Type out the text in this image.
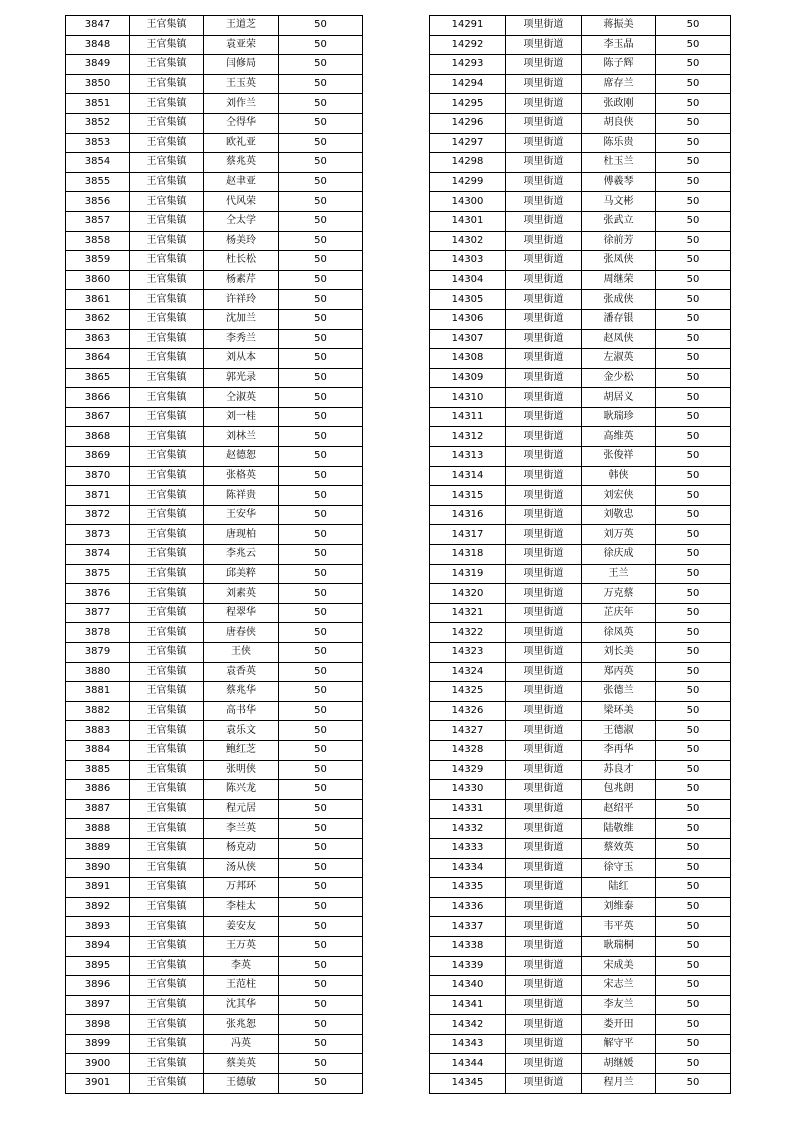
3847	王官集镇	王道芝	50
3848	王官集镇	袁亚荣	50
3849	王官集镇	闫修局	50
3850	王官集镇	王玉英	50
3851	王官集镇	刘作兰	50
3852	王官集镇	仝得华	50
3853	王官集镇	欧礼亚	50
3854	王官集镇	蔡兆英	50
3855	王官集镇	赵聿亚	50
3856	王官集镇	代风荣	50
3857	王官集镇	仝太学	50
3858	王官集镇	杨美玲	50
3859	王官集镇	杜长松	50
3860	王官集镇	杨素芹	50
3861	王官集镇	许祥玲	50
3862	王官集镇	沈加兰	50
3863	王官集镇	李秀兰	50
3864	王官集镇	刘从本	50
3865	王官集镇	郭光录	50
3866	王官集镇	仝淑英	50
3867	王官集镇	刘一桂	50
3868	王官集镇	刘林兰	50
3869	王官集镇	赵德恕	50
3870	王官集镇	张格英	50
3871	王官集镇	陈祥贵	50
3872	王官集镇	王安华	50
3873	王官集镇	唐现柏	50
3874	王官集镇	李兆云	50
3875	王官集镇	邱美粹	50
3876	王官集镇	刘素英	50
3877	王官集镇	程翠华	50
3878	王官集镇	唐春侠	50
3879	王官集镇	王侠	50
3880	王官集镇	袁香英	50
3881	王官集镇	蔡兆华	50
3882	王官集镇	高书华	50
3883	王官集镇	袁乐文	50
3884	王官集镇	鲍红芝	50
3885	王官集镇	张明侠	50
3886	王官集镇	陈兴龙	50
3887	王官集镇	程元居	50
3888	王官集镇	李兰英	50
3889	王官集镇	杨克动	50
3890	王官集镇	汤从侠	50
3891	王官集镇	万邦环	50
3892	王官集镇	李桂太	50
3893	王官集镇	姜安友	50
3894	王官集镇	王万英	50
3895	王官集镇	李英	50
3896	王官集镇	王范柱	50
3897	王官集镇	沈其华	50
3898	王官集镇	张兆恕	50
3899	王官集镇	冯英	50
3900	王官集镇	蔡美英	50
3901	王官集镇	王德敏	50
14291	项里街道	蒋振美	50
14292	项里街道	李玉晶	50
14293	项里街道	陈子辉	50
14294	项里街道	席存兰	50
14295	项里街道	张政刚	50
14296	项里街道	胡良侠	50
14297	项里街道	陈乐贵	50
14298	项里街道	杜玉兰	50
14299	项里街道	傅羲琴	50
14300	项里街道	马文彬	50
14301	项里街道	张武立	50
14302	项里街道	徐前芳	50
14303	项里街道	张凤侠	50
14304	项里街道	周继荣	50
14305	项里街道	张成侠	50
14306	项里街道	潘存银	50
14307	项里街道	赵凤侠	50
14308	项里街道	左淑英	50
14309	项里街道	金少松	50
14310	项里街道	胡居义	50
14311	项里街道	耿瑞珍	50
14312	项里街道	高维英	50
14313	项里街道	张俊祥	50
14314	项里街道	韩侠	50
14315	项里街道	刘宏侠	50
14316	项里街道	刘敬忠	50
14317	项里街道	刘万英	50
14318	项里街道	徐庆成	50
14319	项里街道	王兰	50
14320	项里街道	万克蔡	50
14321	项里街道	芷庆年	50
14322	项里街道	徐凤英	50
14323	项里街道	刘长美	50
14324	项里街道	郑丙英	50
14325	项里街道	张德兰	50
14326	项里街道	梁环美	50
14327	项里街道	王德淑	50
14328	项里街道	李再华	50
14329	项里街道	苏良才	50
14330	项里街道	包兆朗	50
14331	项里街道	赵绍平	50
14332	项里街道	陆敬维	50
14333	项里街道	蔡效英	50
14334	项里街道	徐守玉	50
14335	项里街道	陆红	50
14336	项里街道	刘维泰	50
14337	项里街道	韦平英	50
14338	项里街道	耿瑞桐	50
14339	项里街道	宋成美	50
14340	项里街道	宋志兰	50
14341	项里街道	李友兰	50
14342	项里街道	娄开田	50
14343	项里街道	解守平	50
14344	项里街道	胡继媛	50
14345	项里街道	程月兰	50
